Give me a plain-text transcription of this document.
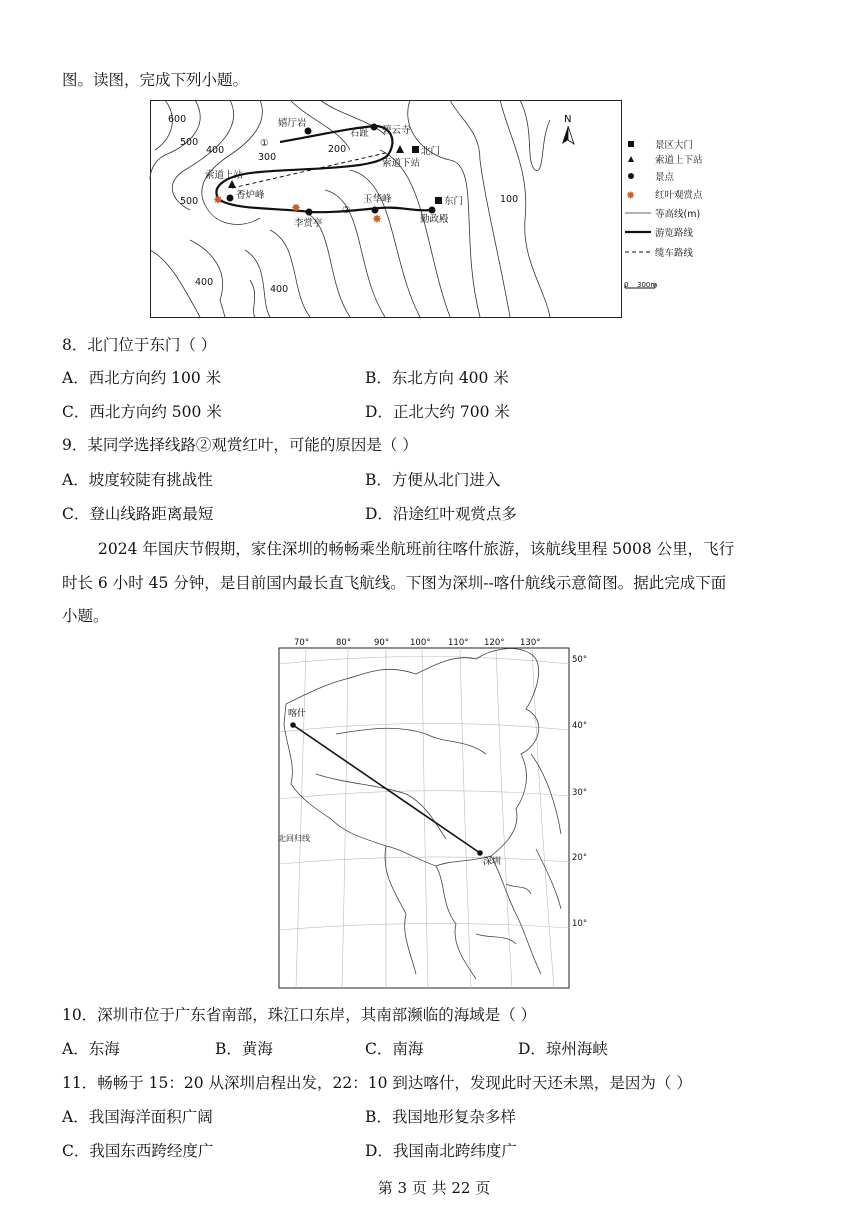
图。读图，完成下列小题。
✸
✸
✸
600
500
400
300
200
500
400
400
100
①
②
嬉厅岩
石趾 碧云寺
北门
索道下站
索道上站
香炉峰
李赏亭
玉华峰	东门
勤政殿
N
景区大门
索道上下站
景点
✸ 红叶观赏点
等高线(m)
游览路线
缆车路线
0 300m
8．北门位于东门（ ）
A．西北方向约 100 米	B．东北方向 400 米
C．西北方向约 500 米	D．正北大约 700 米
9．某同学选择线路②观赏红叶，可能的原因是（ ）
A．坡度较陡有挑战性	B．方便从北门进入
C．登山线路距离最短	D．沿途红叶观赏点多
2024 年国庆节假期，家住深圳的畅畅乘坐航班前往喀什旅游，该航线里程 5008 公里，飞行
时长 6 小时 45 分钟，是目前国内最长直飞航线。下图为深圳--喀什航线示意简图。据此完成下面
小题。
70°	80°	90° 100° 110° 120° 130°
50°
40°
30°
20°
10°
北回归线
喀什
深圳
10．深圳市位于广东省南部，珠江口东岸，其南部濒临的海域是（ ）
A．东海	B．黄海	C．南海	D．琼州海峡
11．畅畅于 15：20 从深圳启程出发，22：10 到达喀什，发现此时天还未黑，是因为（ ）
A．我国海洋面积广阔	B．我国地形复杂多样
C．我国东西跨经度广	D．我国南北跨纬度广
第 3 页 共 22 页
